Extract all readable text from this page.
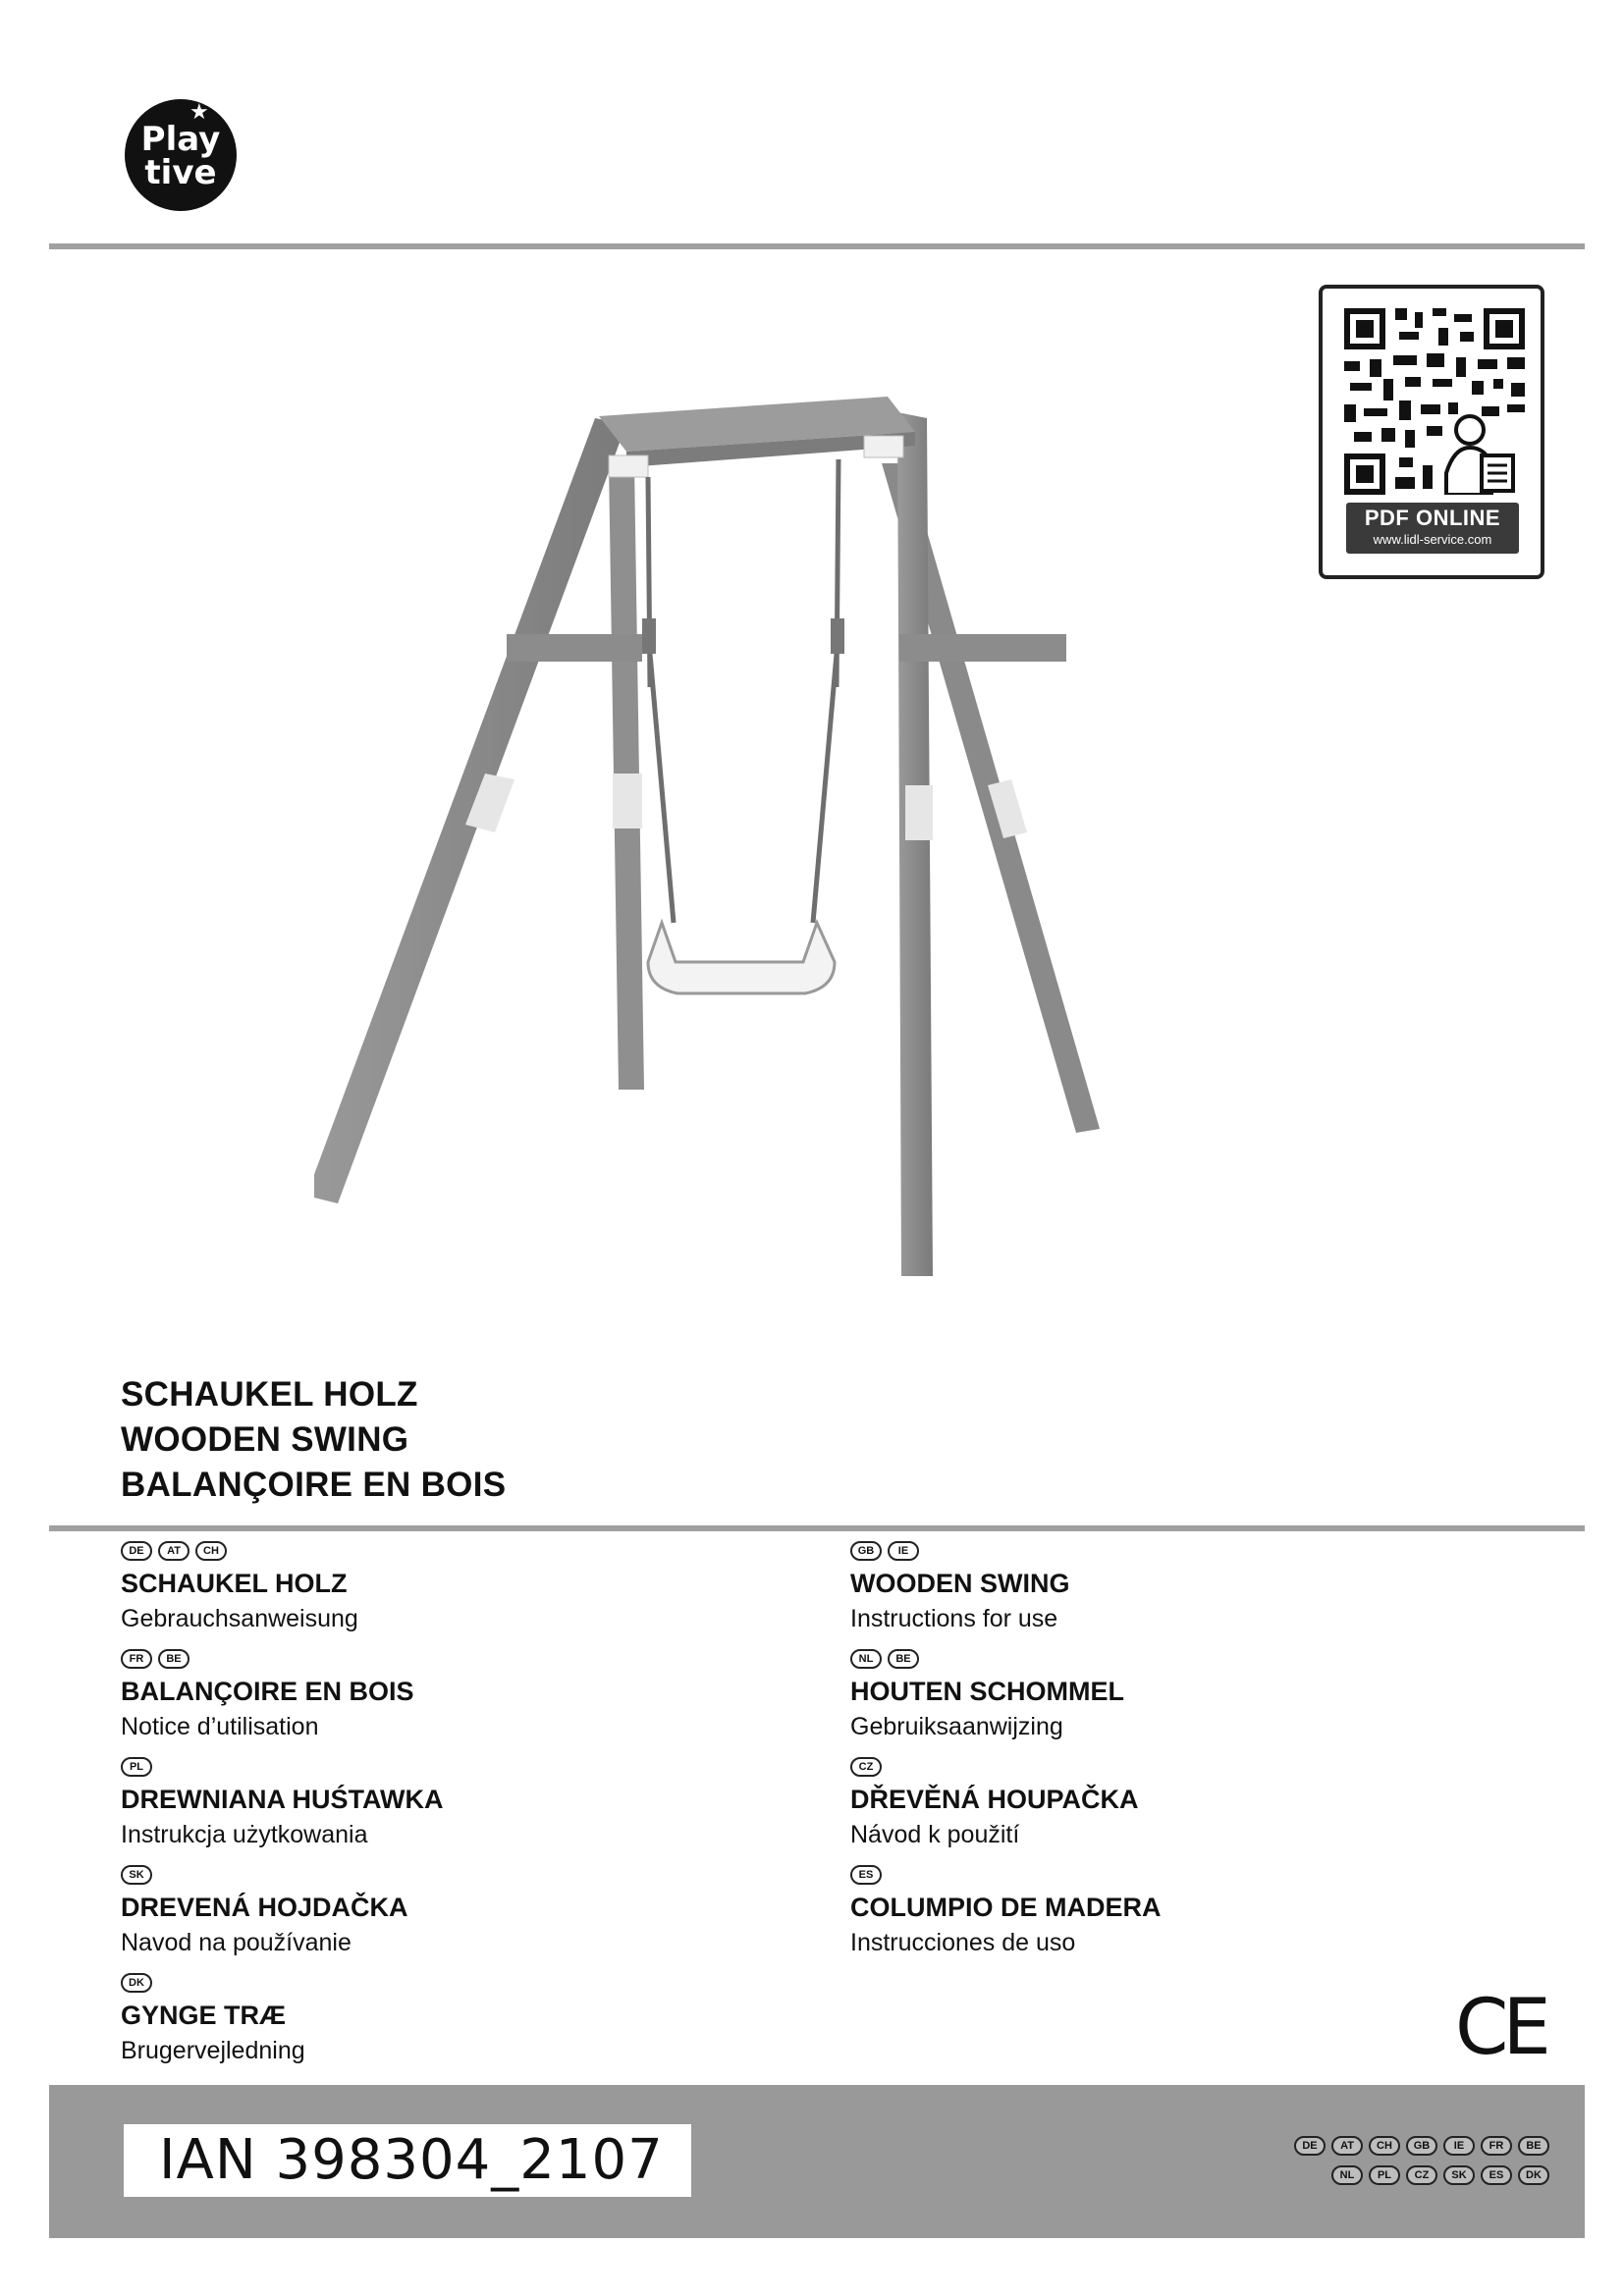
★
Play
tive
PDF ONLINE
www.lidl-service.com
SCHAUKEL HOLZ
WOODEN SWING
BALANÇOIRE EN BOIS
DE	AT	CH
SCHAUKEL HOLZ
Gebrauchsanweisung
FR	BE
BALANÇOIRE EN BOIS
Notice d’utilisation
PL
DREWNIANA HUŚTAWKA
Instrukcja użytkowania
SK
DREVENÁ HOJDAČKA
Navod na používanie
DK
GYNGE TRÆ
Brugervejledning
GB	IE
WOODEN SWING
Instructions for use
NL	BE
HOUTEN SCHOMMEL
Gebruiksaanwijzing
CZ
DŘEVĚNÁ HOUPAČKA
Návod k použití
ES
COLUMPIO DE MADERA
Instrucciones de uso
CE
IAN 398304_2107	DE	AT	CH	GB	IE	FR	BE
NL	PL	CZ	SK	ES	DK
